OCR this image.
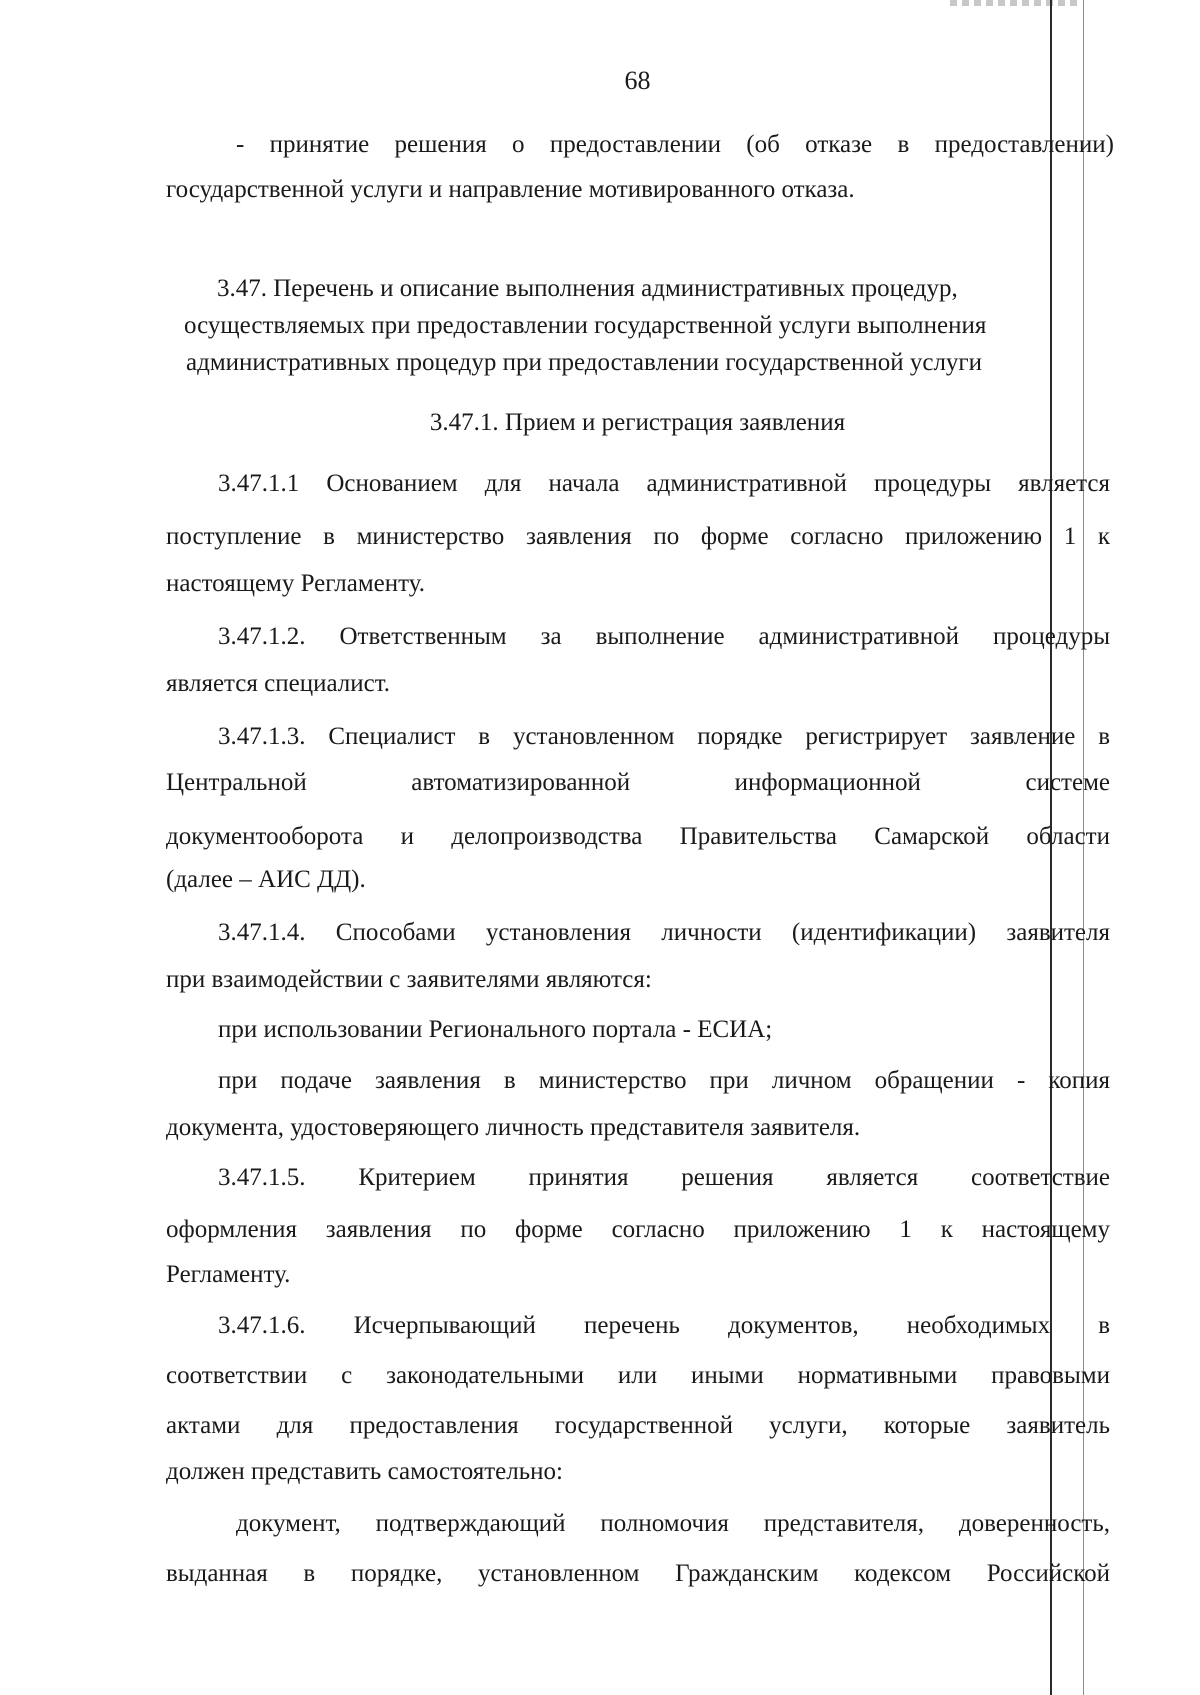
68
- принятие решения о предоставлении (об отказе в предоставлении)
государственной услуги и направление мотивированного отказа.
3.47. Перечень и описание выполнения административных процедур,
осуществляемых при предоставлении государственной услуги выполнения
административных процедур при предоставлении государственной услуги
3.47.1. Прием и регистрация заявления
3.47.1.1 Основанием для начала административной процедуры является
поступление в министерство заявления по форме согласно приложению 1 к
настоящему Регламенту.
3.47.1.2. Ответственным за выполнение административной процедуры
является специалист.
3.47.1.3. Специалист в установленном порядке регистрирует заявление в
Центральной автоматизированной информационной системе
документооборота и делопроизводства Правительства Самарской области
(далее – АИС ДД).
3.47.1.4. Способами установления личности (идентификации) заявителя
при взаимодействии с заявителями являются:
при использовании Регионального портала - ЕСИА;
при подаче заявления в министерство при личном обращении - копия
документа, удостоверяющего личность представителя заявителя.
3.47.1.5. Критерием принятия решения является соответствие
оформления заявления по форме согласно приложению 1 к настоящему
Регламенту.
3.47.1.6. Исчерпывающий перечень документов, необходимых в
соответствии с законодательными или иными нормативными правовыми
актами для предоставления государственной услуги, которые заявитель
должен представить самостоятельно:
документ, подтверждающий полномочия представителя, доверенность,
выданная в порядке, установленном Гражданским кодексом Российской
